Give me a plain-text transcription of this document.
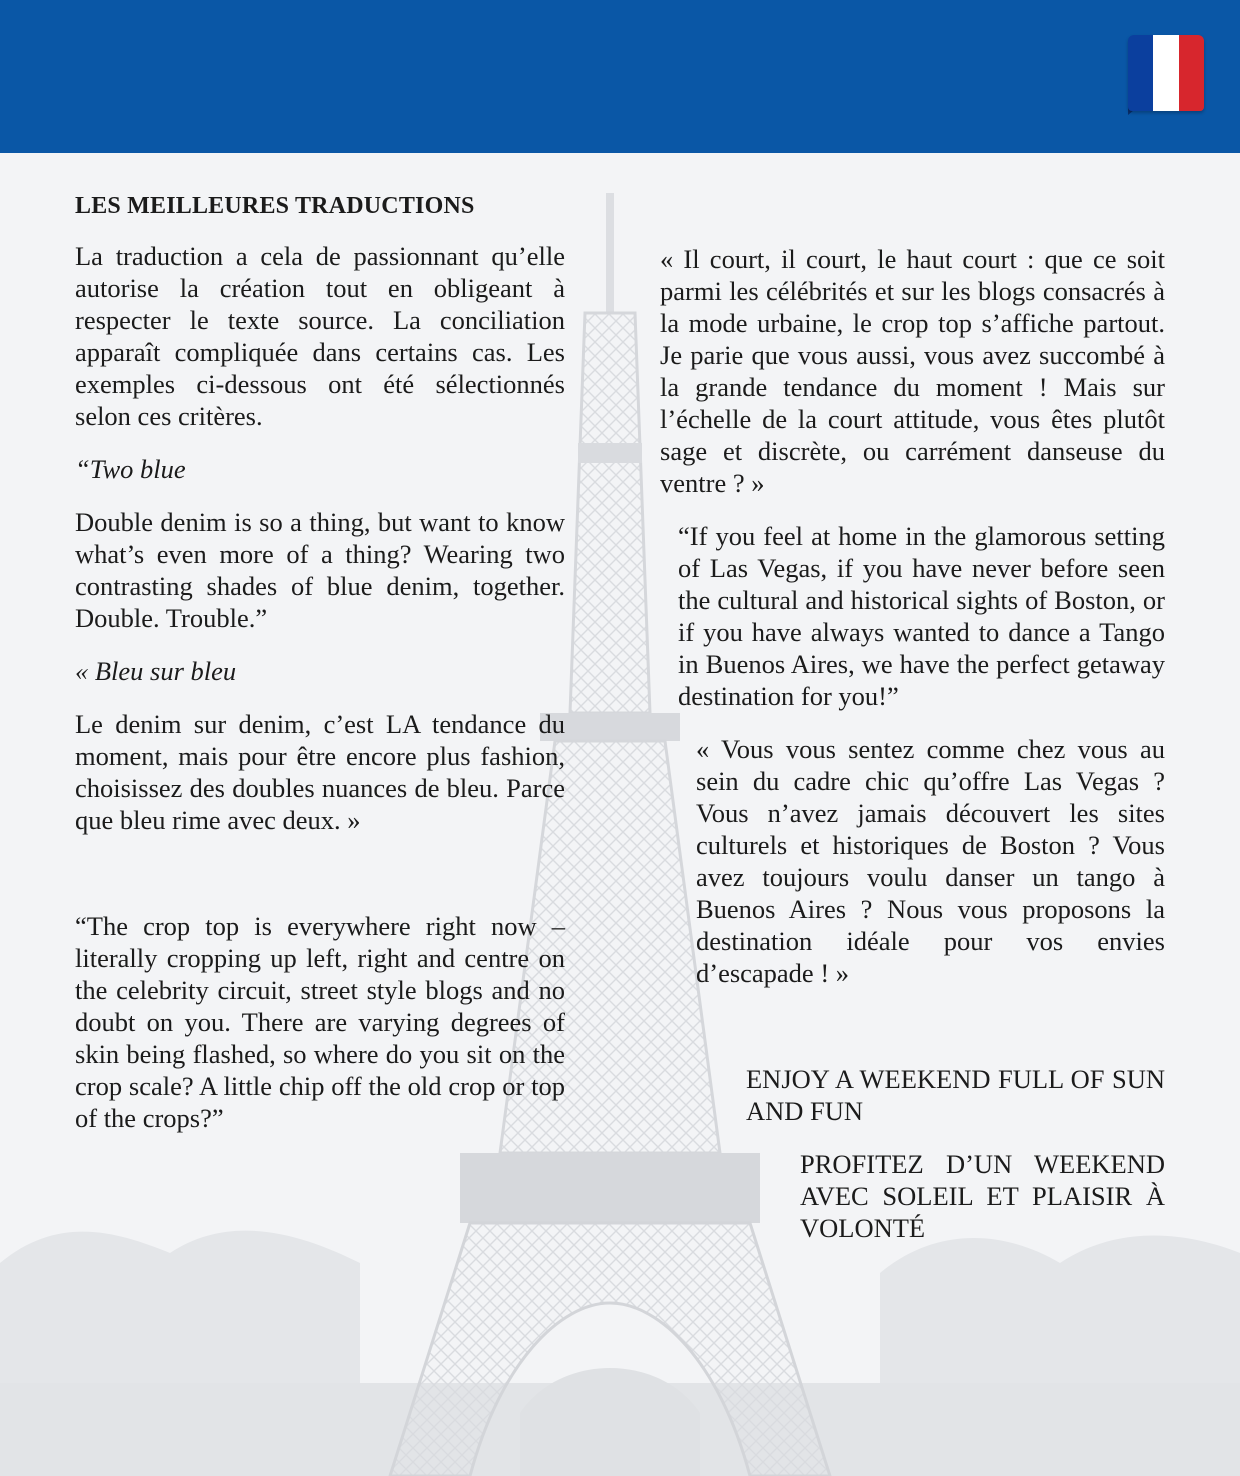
LES MEILLEURES TRADUCTIONS

La traduction a cela de passionnant qu’elle autorise la création tout en obligeant à respecter le texte source. La conciliation apparaît compliquée dans certains cas. Les exemples ci-dessous ont été sélectionnés selon ces critères.

“Two blue

Double denim is so a thing, but want to know what’s even more of a thing? Wearing two contrasting shades of blue denim, together. Double. Trouble.”

« Bleu sur bleu

Le denim sur denim, c’est LA tendance du moment, mais pour être encore plus fashion, choisissez des doubles nuances de bleu. Parce que bleu rime avec deux. »

“The crop top is everywhere right now – literally cropping up left, right and centre on the celebrity circuit, street style blogs and no doubt on you. There are varying degrees of skin being flashed, so where do you sit on the crop scale? A little chip off the old crop or top of the crops?”

« Il court, il court, le haut court : que ce soit parmi les célébrités et sur les blogs consacrés à la mode urbaine, le crop top s’affiche partout. Je parie que vous aussi, vous avez succombé à la grande tendance du moment ! Mais sur l’échelle de la court attitude, vous êtes plutôt sage et discrète, ou carrément danseuse du ventre ? »

“If you feel at home in the glamorous setting of Las Vegas, if you have never before seen the cultural and historical sights of Boston, or if you have always wanted to dance a Tango in Buenos Aires, we have the perfect getaway destination for you!”

« Vous vous sentez comme chez vous au sein du cadre chic qu’offre Las Vegas ? Vous n’avez jamais découvert les sites culturels et historiques de Boston ? Vous avez toujours voulu danser un tango à Buenos Aires ? Nous vous proposons la destination idéale pour vos envies d’escapade ! »

ENJOY A WEEKEND FULL OF SUN AND FUN

PROFITEZ D’UN WEEKEND AVEC SOLEIL ET PLAISIR À VOLONTÉ
